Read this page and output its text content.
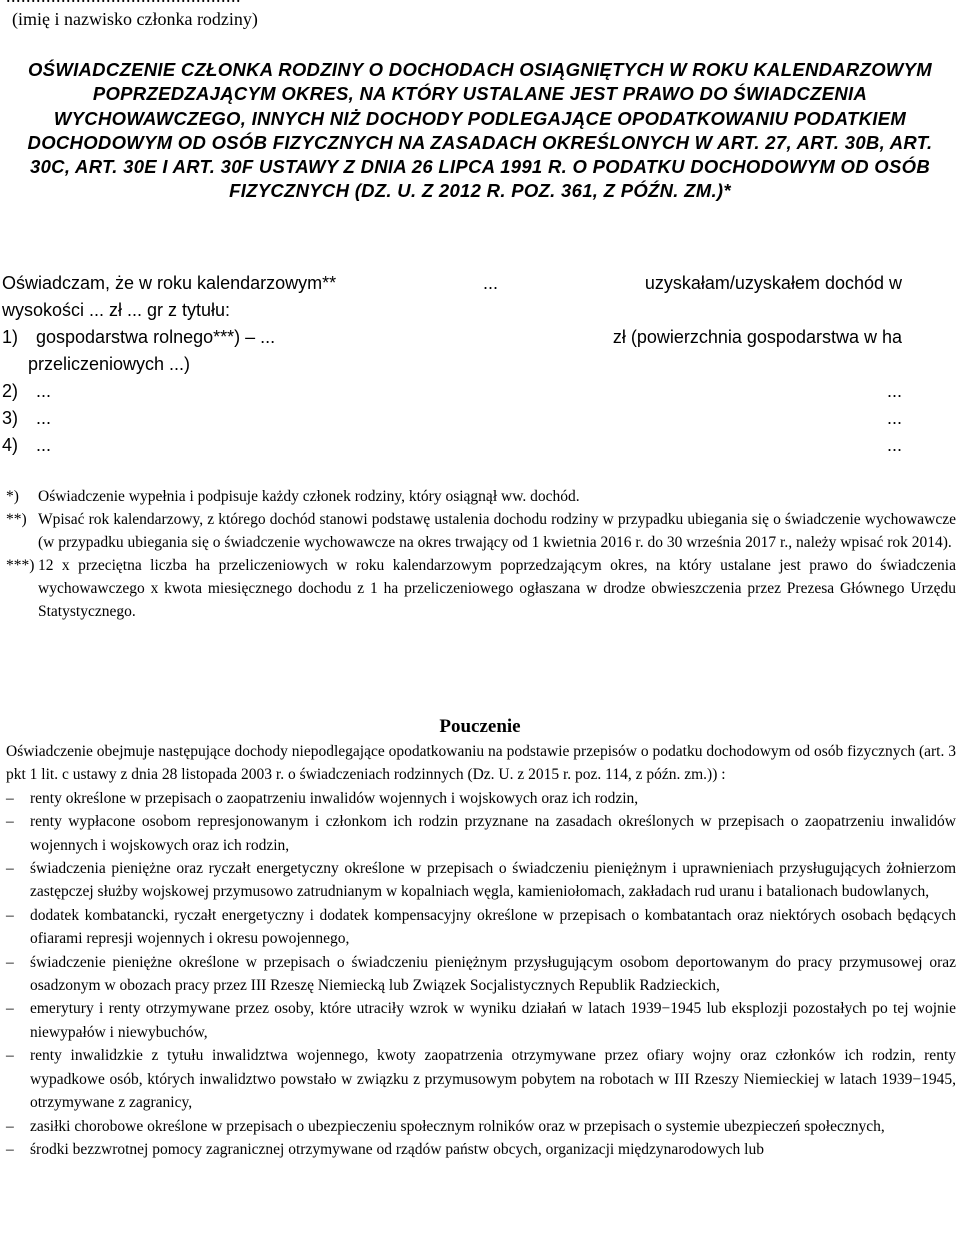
(imię i nazwisko członka rodziny)
OŚWIADCZENIE CZŁONKA RODZINY O DOCHODACH OSIĄGNIĘTYCH W ROKU KALENDARZOWYM POPRZEDZAJĄCYM OKRES, NA KTÓRY USTALANE JEST PRAWO DO ŚWIADCZENIA WYCHOWAWCZEGO, INNYCH NIŻ DOCHODY PODLEGAJĄCE OPODATKOWANIU PODATKIEM DOCHODOWYM OD OSÓB FIZYCZNYCH NA ZASADACH OKREŚLONYCH W ART. 27, ART. 30B, ART. 30C, ART. 30E I ART. 30F USTAWY Z DNIA 26 LIPCA 1991 R. O PODATKU DOCHODOWYM OD OSÓB FIZYCZNYCH (DZ. U. Z 2012 R. POZ. 361, Z PÓŹN. ZM.)*
Oświadczam, że w roku kalendarzowym**	...	uzyskałam/uzyskałem dochód w
wysokości ... zł ... gr z tytułu:
1) gospodarstwa rolnego***) – ...	zł (powierzchnia gospodarstwa w ha
przeliczeniowych ...)
2) ...	...
3) ...	...
4) ...	...
*) Oświadczenie wypełnia i podpisuje każdy członek rodziny, który osiągnął ww. dochód.
**) Wpisać rok kalendarzowy, z którego dochód stanowi podstawę ustalenia dochodu rodziny w przypadku ubiegania się o świadczenie wychowawcze (w przypadku ubiegania się o świadczenie wychowawcze na okres trwający od 1 kwietnia 2016 r. do 30 września 2017 r., należy wpisać rok 2014).
***) 12 x przeciętna liczba ha przeliczeniowych w roku kalendarzowym poprzedzającym okres, na który ustalane jest prawo do świadczenia wychowawczego x kwota miesięcznego dochodu z 1 ha przeliczeniowego ogłaszana w drodze obwieszczenia przez Prezesa Głównego Urzędu Statystycznego.
Pouczenie
Oświadczenie obejmuje następujące dochody niepodlegające opodatkowaniu na podstawie przepisów o podatku dochodowym od osób fizycznych (art. 3 pkt 1 lit. c ustawy z dnia 28 listopada 2003 r. o świadczeniach rodzinnych (Dz. U. z 2015 r. poz. 114, z późn. zm.)) :
– renty określone w przepisach o zaopatrzeniu inwalidów wojennych i wojskowych oraz ich rodzin,
– renty wypłacone osobom represjonowanym i członkom ich rodzin przyznane na zasadach określonych w przepisach o zaopatrzeniu inwalidów wojennych i wojskowych oraz ich rodzin,
– świadczenia pieniężne oraz ryczałt energetyczny określone w przepisach o świadczeniu pieniężnym i uprawnieniach przysługujących żołnierzom zastępczej służby wojskowej przymusowo zatrudnianym w kopalniach węgla, kamieniołomach, zakładach rud uranu i batalionach budowlanych,
– dodatek kombatancki, ryczałt energetyczny i dodatek kompensacyjny określone w przepisach o kombatantach oraz niektórych osobach będących ofiarami represji wojennych i okresu powojennego,
– świadczenie pieniężne określone w przepisach o świadczeniu pieniężnym przysługującym osobom deportowanym do pracy przymusowej oraz osadzonym w obozach pracy przez III Rzeszę Niemiecką lub Związek Socjalistycznych Republik Radzieckich,
– emerytury i renty otrzymywane przez osoby, które utraciły wzrok w wyniku działań w latach 1939−1945 lub eksplozji pozostałych po tej wojnie niewypałów i niewybuchów,
– renty inwalidzkie z tytułu inwalidztwa wojennego, kwoty zaopatrzenia otrzymywane przez ofiary wojny oraz członków ich rodzin, renty wypadkowe osób, których inwalidztwo powstało w związku z przymusowym pobytem na robotach w III Rzeszy Niemieckiej w latach 1939−1945, otrzymywane z zagranicy,
– zasiłki chorobowe określone w przepisach o ubezpieczeniu społecznym rolników oraz w przepisach o systemie ubezpieczeń społecznych,
– środki bezzwrotnej pomocy zagranicznej otrzymywane od rządów państw obcych, organizacji międzynarodowych lub
